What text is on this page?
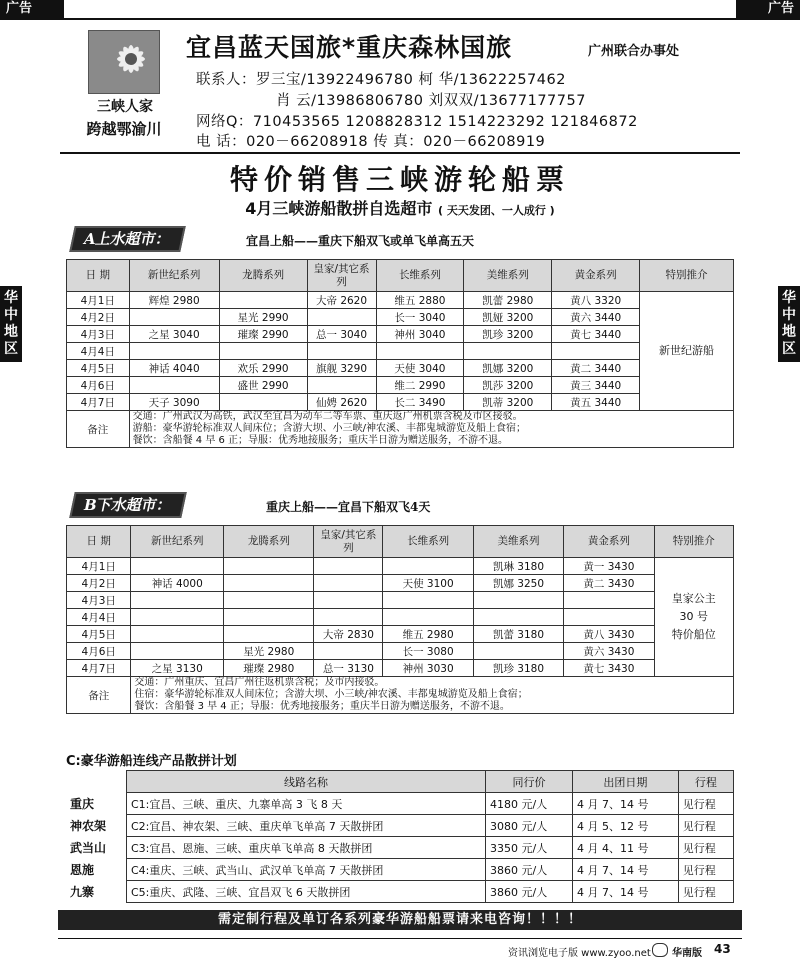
广告	广告
三峡人家
跨越鄂渝川
宜昌蓝天国旅*重庆森林国旅	广州联合办事处
联系人：罗三宝/13922496780 柯 华/13622257462
肖 云/13986806780 刘双双/13677177757
网络Q：710453565 1208828312 1514223292 121846872
电 话：020－66208918 传 真：020－66208919
特价销售三峡游轮船票
4月三峡游船散拼自选超市 ( 天天发团、一人成行 )
华
中
地
区
华
中
地
区
A上水超市：	宜昌上船——重庆下船双飞或单飞单高五天
日 期	新世纪系列	龙腾系列	皇家/其它系列	长维系列	美维系列	黄金系列	特别推介
4月1日	辉煌 2980		大帝 2620	维五 2880	凯蕾 2980	黄八 3320	新世纪游船
4月2日		星光 2990		长一 3040	凯娅 3200	黄六 3440	
4月3日	之星 3040	璀璨 2990	总一 3040	神州 3040	凯珍 3200	黄七 3440	
4月4日							
4月5日	神话 4040	欢乐 2990	旗舰 3290	天使 3040	凯娜 3200	黄二 3440	
4月6日		盛世 2990		维二 2990	凯莎 3200	黄三 3440	
4月7日	天子 3090		仙娉 2620	长二 3490	凯蒂 3200	黄五 3440	
备注	交通：广州武汉为高铁，武汉至宜昌为动车二等车票、重庆返广州机票含税及市区接驳。
游船：豪华游轮标准双人间床位；含游大坝、小三峡/神农溪、丰都鬼城游览及船上食宿；
餐饮：含船餐 4 早 6 正；导服：优秀地接服务；重庆半日游为赠送服务，不游不退。						
B下水超市：	重庆上船——宜昌下船双飞4天
日 期	新世纪系列	龙腾系列	皇家/其它系列	长维系列	美维系列	黄金系列	特别推介
4月1日					凯琳 3180	黄一 3430	皇家公主
30 号
特价船位

4月2日	神话 4000			天使 3100	凯娜 3250	黄二 3430	
4月3日							
4月4日							
4月5日			大帝 2830	维五 2980	凯蕾 3180	黄八 3430	
4月6日		星光 2980		长一 3080		黄六 3430	
4月7日	之星 3130	璀璨 2980	总一 3130	神州 3030	凯珍 3180	黄七 3430	
备注	交通：广州重庆、宜昌广州往返机票含税；及市内接驳。
住宿：豪华游轮标准双人间床位；含游大坝、小三峡/神农溪、丰都鬼城游览及船上食宿；
餐饮：含船餐 3 早 4 正；导服：优秀地接服务；重庆半日游为赠送服务，不游不退。						
C:豪华游船连线产品散拼计划
	线路名称	同行价	出团日期	行程
重庆	C1:宜昌、三峡、重庆、九寨单高 3 飞 8 天	4180 元/人	4 月 7、14 号	见行程
神农架	C2:宜昌、神农架、三峡、重庆单飞单高 7 天散拼团	3080 元/人	4 月 5、12 号	见行程
武当山	C3:宜昌、恩施、三峡、重庆单飞单高 8 天散拼团	3350 元/人	4 月 4、11 号	见行程
恩施	C4:重庆、三峡、武当山、武汉单飞单高 7 天散拼团	3860 元/人	4 月 7、14 号	见行程
九寨	C5:重庆、武隆、三峡、宜昌双飞 6 天散拼团	3860 元/人	4 月 7、14 号	见行程
需定制行程及单订各系列豪华游船船票请来电咨询！！！！
资讯浏览电子版 www.zyoo.net 华南版 43
